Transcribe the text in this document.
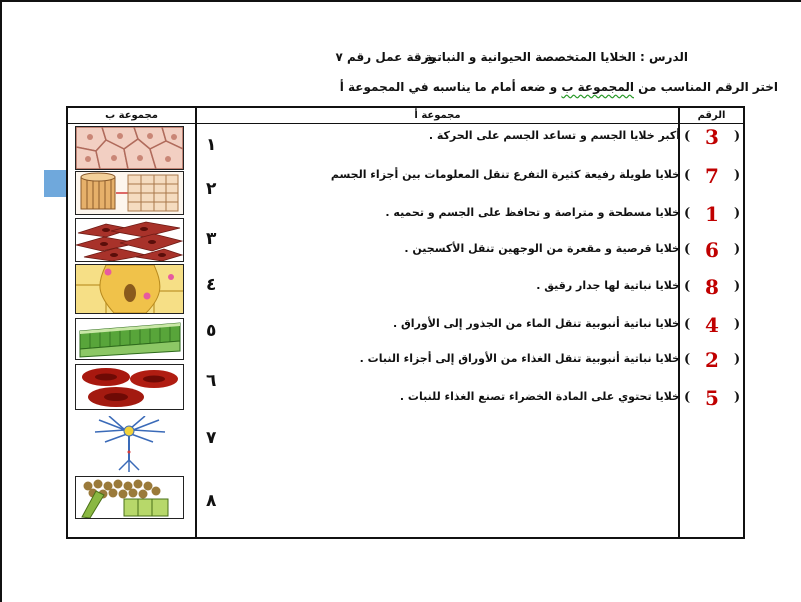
الدرس : الخلايا المتخصصة الحيوانية و النباتية
ورقة عمل رقم ٧
اختر الرقم المناسب من المجموعة ب و ضعه أمام ما يناسبه في المجموعة أ
مجموعة ب	مجموعة أ	الرقم
١
٢
٣
٤
٥
٦
٧
٨
أكبر خلايا الجسم و تساعد الجسم على الحركة .
خلايا طويلة رفيعة كثيرة التفرع تنقل المعلومات بين أجزاء الجسم
خلايا مسطحة و متراصة و تحافظ على الجسم و تحميه .
خلايا قرصية و مقعرة من الوجهين تنقل الأكسجين .
خلايا نباتية لها جدار رقيق .
خلايا نباتية أنبوبية تنقل الماء من الجذور إلى الأوراق .
خلايا نباتية أنبوبية تنقل الغذاء من الأوراق إلى أجزاء النبات .
خلايا تحتوي على المادة الخضراء تصنع الغذاء للنبات .
( 3 )
( 7 )
( 1 )
( 6 )
( 8 )
( 4 )
( 2 )
( 5 )
